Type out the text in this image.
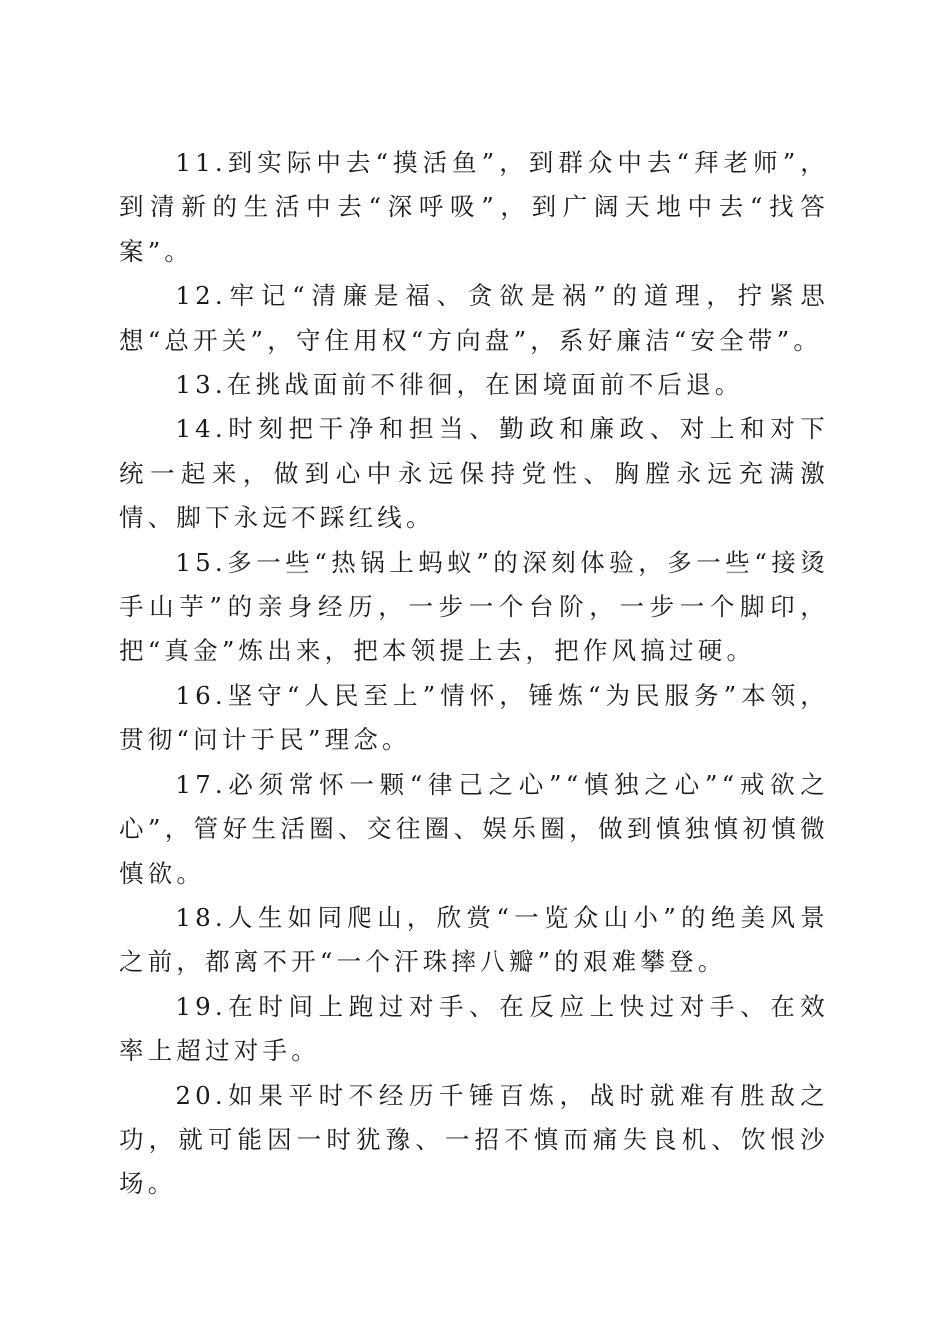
11.到实际中去“摸活鱼”，到群众中去“拜老师”，到清新的生活中去“深呼吸”，到广阔天地中去“找答案”。

12.牢记“清廉是福、贪欲是祸”的道理，拧紧思想“总开关”，守住用权“方向盘”，系好廉洁“安全带”。

13.在挑战面前不徘徊，在困境面前不后退。

14.时刻把干净和担当、勤政和廉政、对上和对下统一起来，做到心中永远保持党性、胸膛永远充满激情、脚下永远不踩红线。

15.多一些“热锅上蚂蚁”的深刻体验，多一些“接烫手山芋”的亲身经历，一步一个台阶，一步一个脚印，把“真金”炼出来，把本领提上去，把作风搞过硬。

16.坚守“人民至上”情怀，锤炼“为民服务”本领，贯彻“问计于民”理念。

17.必须常怀一颗“律己之心”“慎独之心”“戒欲之心”，管好生活圈、交往圈、娱乐圈，做到慎独慎初慎微慎欲。

18.人生如同爬山，欣赏“一览众山小”的绝美风景之前，都离不开“一个汗珠摔八瓣”的艰难攀登。

19.在时间上跑过对手、在反应上快过对手、在效率上超过对手。

20.如果平时不经历千锤百炼，战时就难有胜敌之功，就可能因一时犹豫、一招不慎而痛失良机、饮恨沙场。
